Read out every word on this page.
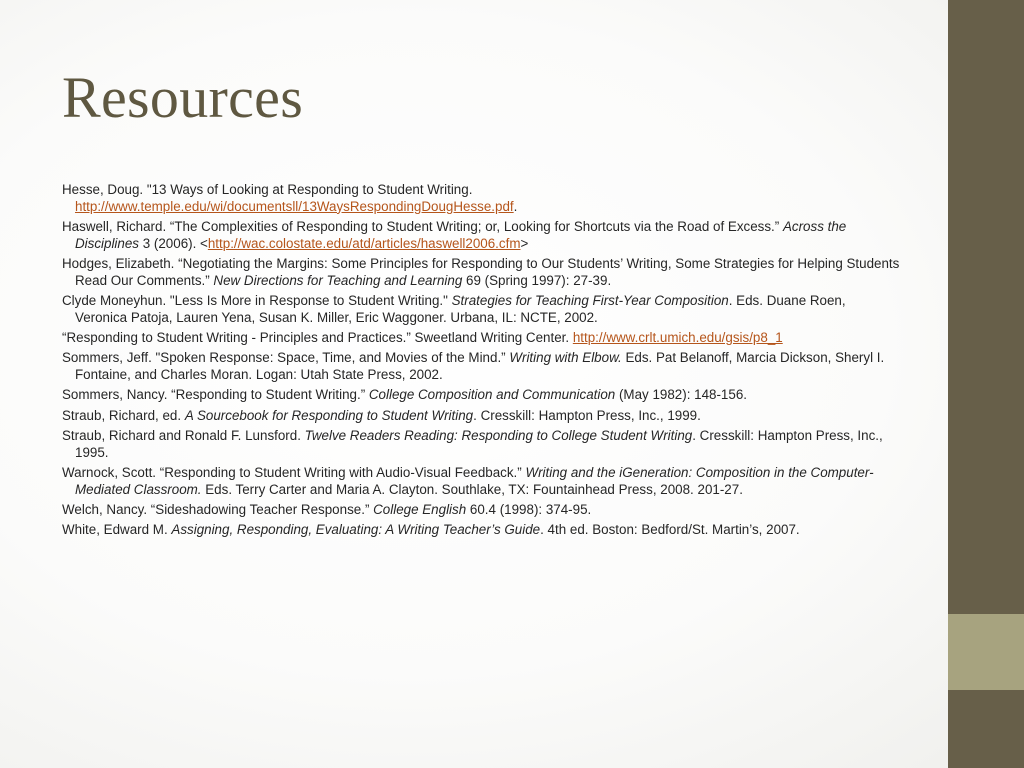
Resources

Hesse, Doug. "13 Ways of Looking at Responding to Student Writing. http://www.temple.edu/wi/documentsll/13WaysRespondingDougHesse.pdf.

Haswell, Richard. “The Complexities of Responding to Student Writing; or, Looking for Shortcuts via the Road of Excess.” Across the Disciplines 3 (2006). <http://wac.colostate.edu/atd/articles/haswell2006.cfm>

Hodges, Elizabeth. “Negotiating the Margins: Some Principles for Responding to Our Students’ Writing, Some Strategies for Helping Students Read Our Comments.” New Directions for Teaching and Learning 69 (Spring 1997): 27-39.

Clyde Moneyhun. "Less Is More in Response to Student Writing." Strategies for Teaching First-Year Composition. Eds. Duane Roen, Veronica Patoja, Lauren Yena, Susan K. Miller, Eric Waggoner. Urbana, IL: NCTE, 2002.

“Responding to Student Writing - Principles and Practices.” Sweetland Writing Center. http://www.crlt.umich.edu/gsis/p8_1

Sommers, Jeff. "Spoken Response: Space, Time, and Movies of the Mind.” Writing with Elbow. Eds. Pat Belanoff, Marcia Dickson, Sheryl I. Fontaine, and Charles Moran. Logan: Utah State Press, 2002.

Sommers, Nancy. “Responding to Student Writing.” College Composition and Communication (May 1982): 148-156.

Straub, Richard, ed. A Sourcebook for Responding to Student Writing. Cresskill: Hampton Press, Inc., 1999.

Straub, Richard and Ronald F. Lunsford. Twelve Readers Reading: Responding to College Student Writing. Cresskill: Hampton Press, Inc., 1995.

Warnock, Scott. “Responding to Student Writing with Audio-Visual Feedback.” Writing and the iGeneration: Composition in the Computer-Mediated Classroom. Eds. Terry Carter and Maria A. Clayton. Southlake, TX: Fountainhead Press, 2008. 201-27.

Welch, Nancy. “Sideshadowing Teacher Response.” College English 60.4 (1998): 374-95.

White, Edward M. Assigning, Responding, Evaluating: A Writing Teacher’s Guide. 4th ed. Boston: Bedford/St. Martin’s, 2007.
